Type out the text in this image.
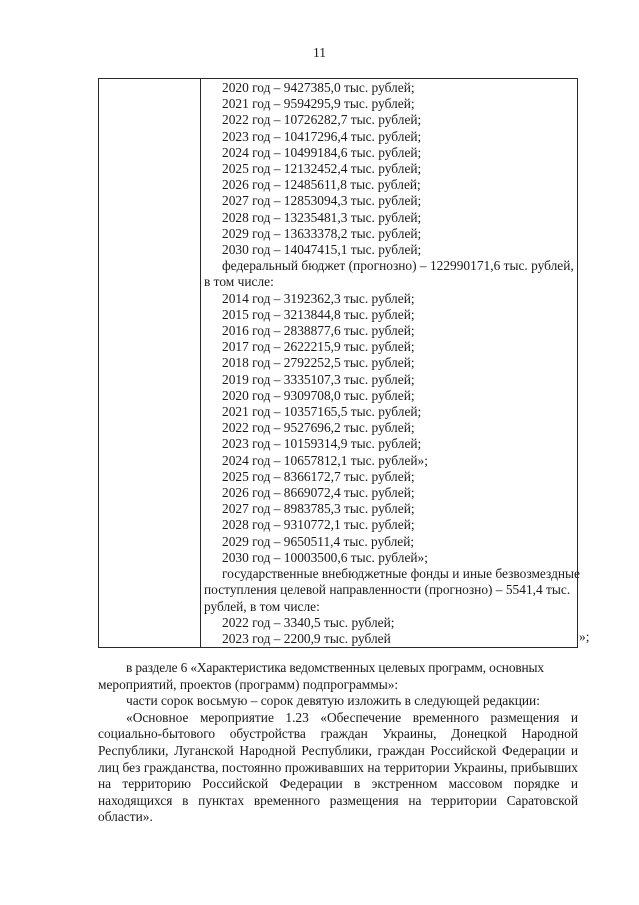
11
2020 год – 9427385,0 тыс. рублей;
2021 год – 9594295,9 тыс. рублей;
2022 год – 10726282,7 тыс. рублей;
2023 год – 10417296,4 тыс. рублей;
2024 год – 10499184,6 тыс. рублей;
2025 год – 12132452,4 тыс. рублей;
2026 год – 12485611,8 тыс. рублей;
2027 год – 12853094,3 тыс. рублей;
2028 год – 13235481,3 тыс. рублей;
2029 год – 13633378,2 тыс. рублей;
2030 год – 14047415,1 тыс. рублей;
федеральный бюджет (прогнозно) – 122990171,6 тыс. рублей,
в том числе:
2014 год – 3192362,3 тыс. рублей;
2015 год – 3213844,8 тыс. рублей;
2016 год – 2838877,6 тыс. рублей;
2017 год – 2622215,9 тыс. рублей;
2018 год – 2792252,5 тыс. рублей;
2019 год – 3335107,3 тыс. рублей;
2020 год – 9309708,0 тыс. рублей;
2021 год – 10357165,5 тыс. рублей;
2022 год – 9527696,2 тыс. рублей;
2023 год – 10159314,9 тыс. рублей;
2024 год – 10657812,1 тыс. рублей»;
2025 год – 8366172,7 тыс. рублей;
2026 год – 8669072,4 тыс. рублей;
2027 год – 8983785,3 тыс. рублей;
2028 год – 9310772,1 тыс. рублей;
2029 год – 9650511,4 тыс. рублей;
2030 год – 10003500,6 тыс. рублей»;
государственные внебюджетные фонды и иные безвозмездные
поступления целевой направленности (прогнозно) – 5541,4 тыс.
рублей, в том числе:
2022 год – 3340,5 тыс. рублей;
2023 год – 2200,9 тыс. рублей	»;

в разделе 6 «Характеристика ведомственных целевых программ, основных

мероприятий, проектов (программ) подпрограммы»:

части сорок восьмую – сорок девятую изложить в следующей редакции:

«Основное мероприятие 1.23 «Обеспечение временного размещения и социально-бытового обустройства граждан Украины, Донецкой Народной Республики, Луганской Народной Республики, граждан Российской Федерации и лиц без гражданства, постоянно проживавших на территории Украины, прибывших на территорию Российской Федерации в экстренном массовом порядке и находящихся в пунктах временного размещения на территории Саратовской области».
